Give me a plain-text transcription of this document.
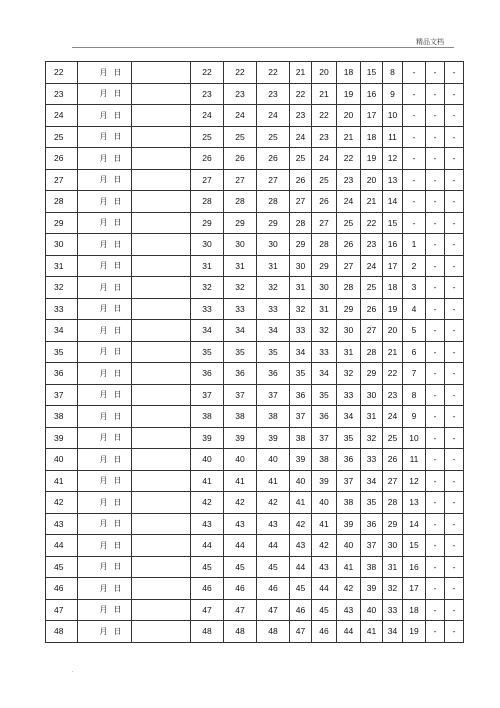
精品文档
22	月	日		22	22	22	21	20	18	15	8	-	-	-
23	月	日		23	23	23	22	21	19	16	9	-	-	-
24	月	日		24	24	24	23	22	20	17	10	-	-	-
25	月	日		25	25	25	24	23	21	18	11	-	-	-
26	月	日		26	26	26	25	24	22	19	12	-	-	-
27	月	日		27	27	27	26	25	23	20	13	-	-	-
28	月	日		28	28	28	27	26	24	21	14	-	-	-
29	月	日		29	29	29	28	27	25	22	15	-	-	-
30	月	日		30	30	30	29	28	26	23	16	1	-	-
31	月	日		31	31	31	30	29	27	24	17	2	-	-
32	月	日		32	32	32	31	30	28	25	18	3	-	-
33	月	日		33	33	33	32	31	29	26	19	4	-	-
34	月	日		34	34	34	33	32	30	27	20	5	-	-
35	月	日		35	35	35	34	33	31	28	21	6	-	-
36	月	日		36	36	36	35	34	32	29	22	7	-	-
37	月	日		37	37	37	36	35	33	30	23	8	-	-
38	月	日		38	38	38	37	36	34	31	24	9	-	-
39	月	日		39	39	39	38	37	35	32	25	10	-	-
40	月	日		40	40	40	39	38	36	33	26	11	-	-
41	月	日		41	41	41	40	39	37	34	27	12	-	-
42	月	日		42	42	42	41	40	38	35	28	13	-	-
43	月	日		43	43	43	42	41	39	36	29	14	-	-
44	月	日		44	44	44	43	42	40	37	30	15	-	-
45	月	日		45	45	45	44	43	41	38	31	16	-	-
46	月	日		46	46	46	45	44	42	39	32	17	-	-
47	月	日		47	47	47	46	45	43	40	33	18	-	-
48	月	日		48	48	48	47	46	44	41	34	19	-	-
.
